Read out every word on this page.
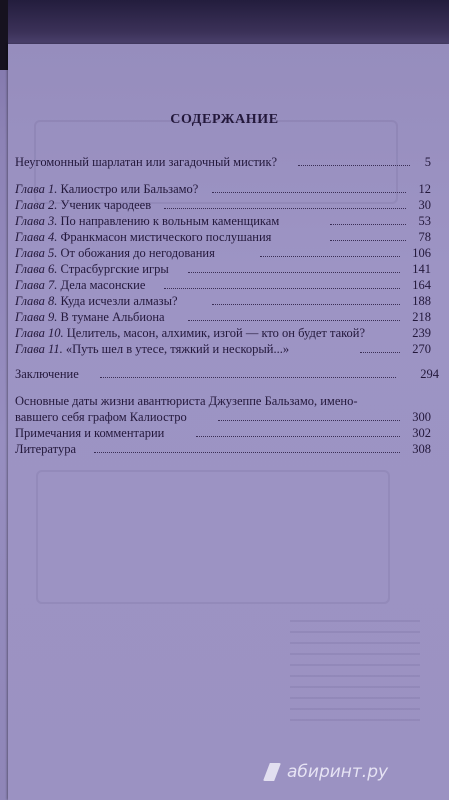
СОДЕРЖАНИЕ
Неугомонный шарлатан или загадочный мистик?	5
Глава 1. Калиостро или Бальзамо?	12
Глава 2. Ученик чародеев	30
Глава 3. По направлению к вольным каменщикам	53
Глава 4. Франкмасон мистического послушания	78
Глава 5. От обожания до негодования	106
Глава 6. Страсбургские игры	141
Глава 7. Дела масонские	164
Глава 8. Куда исчезли алмазы?	188
Глава 9. В тумане Альбиона	218
Глава 10. Целитель, масон, алхимик, изгой — кто он будет такой?	239
Глава 11. «Путь шел в утесе, тяжкий и нескорый...»	270
Заключение	294
Основные даты жизни авантюриста Джузеппе Бальзамо, имено-
вавшего себя графом Калиостро	300
Примечания и комментарии	302
Литература	308
абиринт.ру
